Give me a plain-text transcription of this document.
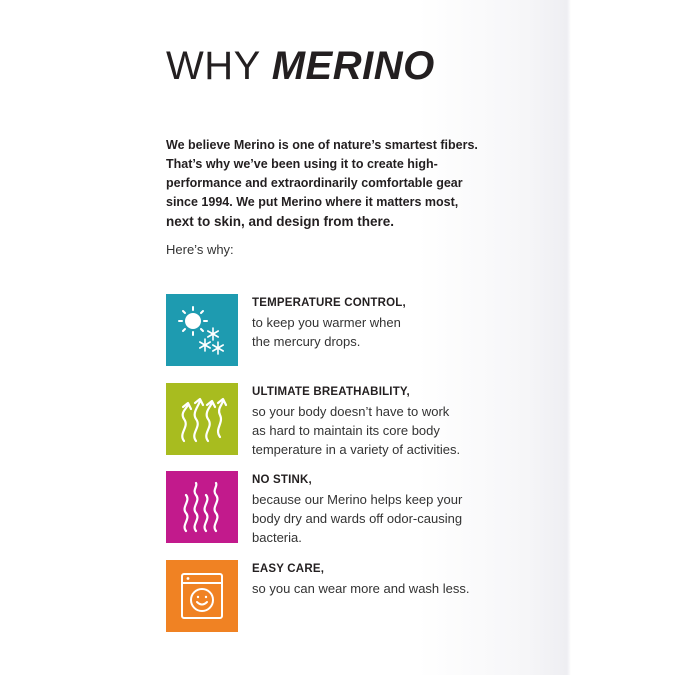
WHY MERINO
We believe Merino is one of nature’s smartest fibers.
That’s why we’ve been using it to create high-
performance and extraordinarily comfortable gear
since 1994. We put Merino where it matters most,
next to skin, and design from there.
Here’s why:
TEMPERATURE CONTROL,
to keep you warmer when
the mercury drops.
ULTIMATE BREATHABILITY,
so your body doesn’t have to work
as hard to maintain its core body
temperature in a variety of activities.
NO STINK,
because our Merino helps keep your
body dry and wards off odor-causing
bacteria.
EASY CARE,
so you can wear more and wash less.
